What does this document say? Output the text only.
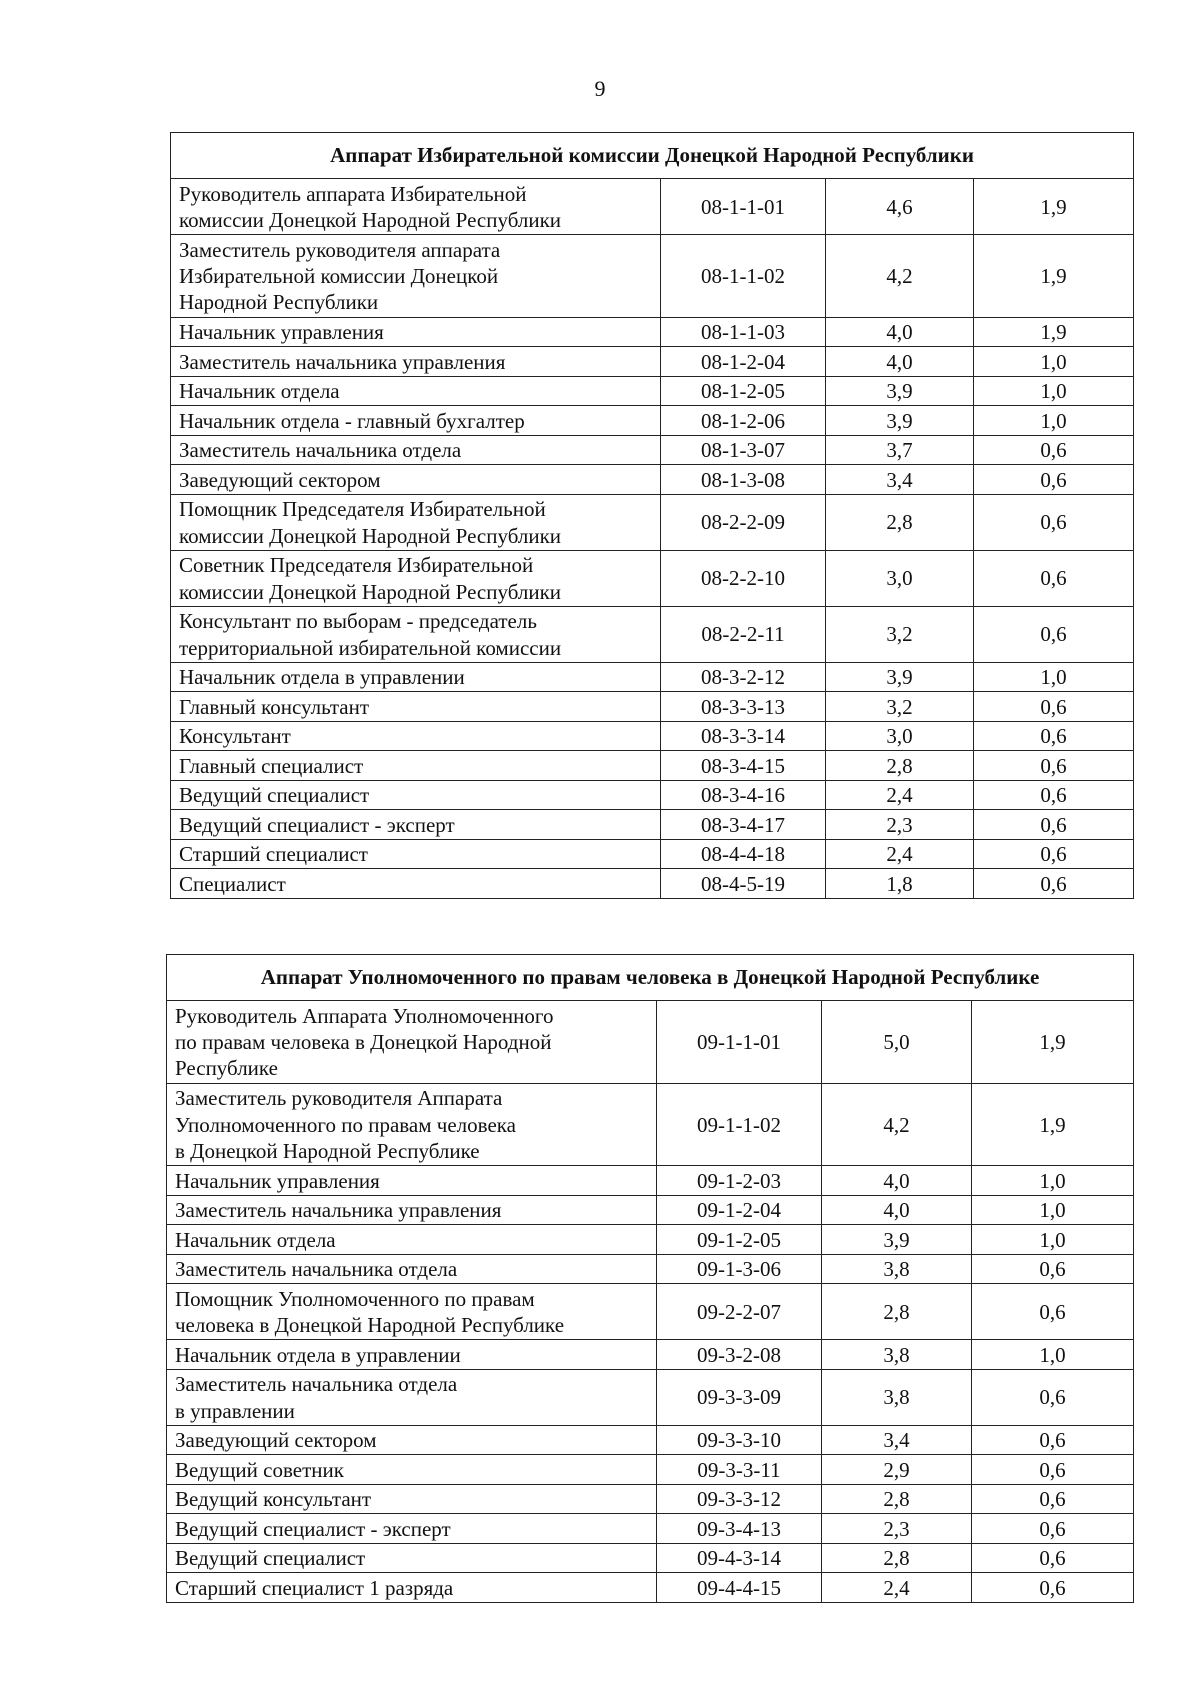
9
Аппарат Избирательной комиссии Донецкой Народной Республики			
Руководитель аппарата Избирательной
комиссии Донецкой Народной Республики	08-1-1-01	4,6	1,9
Заместитель руководителя аппарата
Избирательной комиссии Донецкой
Народной Республики	08-1-1-02	4,2	1,9
Начальник управления	08-1-1-03	4,0	1,9
Заместитель начальника управления	08-1-2-04	4,0	1,0
Начальник отдела	08-1-2-05	3,9	1,0
Начальник отдела - главный бухгалтер	08-1-2-06	3,9	1,0
Заместитель начальника отдела	08-1-3-07	3,7	0,6
Заведующий сектором	08-1-3-08	3,4	0,6
Помощник Председателя Избирательной
комиссии Донецкой Народной Республики	08-2-2-09	2,8	0,6
Советник Председателя Избирательной
комиссии Донецкой Народной Республики	08-2-2-10	3,0	0,6
Консультант по выборам - председатель
территориальной избирательной комиссии	08-2-2-11	3,2	0,6
Начальник отдела в управлении	08-3-2-12	3,9	1,0
Главный консультант	08-3-3-13	3,2	0,6
Консультант	08-3-3-14	3,0	0,6
Главный специалист	08-3-4-15	2,8	0,6
Ведущий специалист	08-3-4-16	2,4	0,6
Ведущий специалист - эксперт	08-3-4-17	2,3	0,6
Старший специалист	08-4-4-18	2,4	0,6
Специалист	08-4-5-19	1,8	0,6
Аппарат Уполномоченного по правам человека в Донецкой Народной Республике			
Руководитель Аппарата Уполномоченного
по правам человека в Донецкой Народной
Республике	09-1-1-01	5,0	1,9
Заместитель руководителя Аппарата
Уполномоченного по правам человека
в Донецкой Народной Республике	09-1-1-02	4,2	1,9
Начальник управления	09-1-2-03	4,0	1,0
Заместитель начальника управления	09-1-2-04	4,0	1,0
Начальник отдела	09-1-2-05	3,9	1,0
Заместитель начальника отдела	09-1-3-06	3,8	0,6
Помощник Уполномоченного по правам
человека в Донецкой Народной Республике	09-2-2-07	2,8	0,6
Начальник отдела в управлении	09-3-2-08	3,8	1,0
Заместитель начальника отдела
в управлении	09-3-3-09	3,8	0,6
Заведующий сектором	09-3-3-10	3,4	0,6
Ведущий советник	09-3-3-11	2,9	0,6
Ведущий консультант	09-3-3-12	2,8	0,6
Ведущий специалист - эксперт	09-3-4-13	2,3	0,6
Ведущий специалист	09-4-3-14	2,8	0,6
Старший специалист 1 разряда	09-4-4-15	2,4	0,6
